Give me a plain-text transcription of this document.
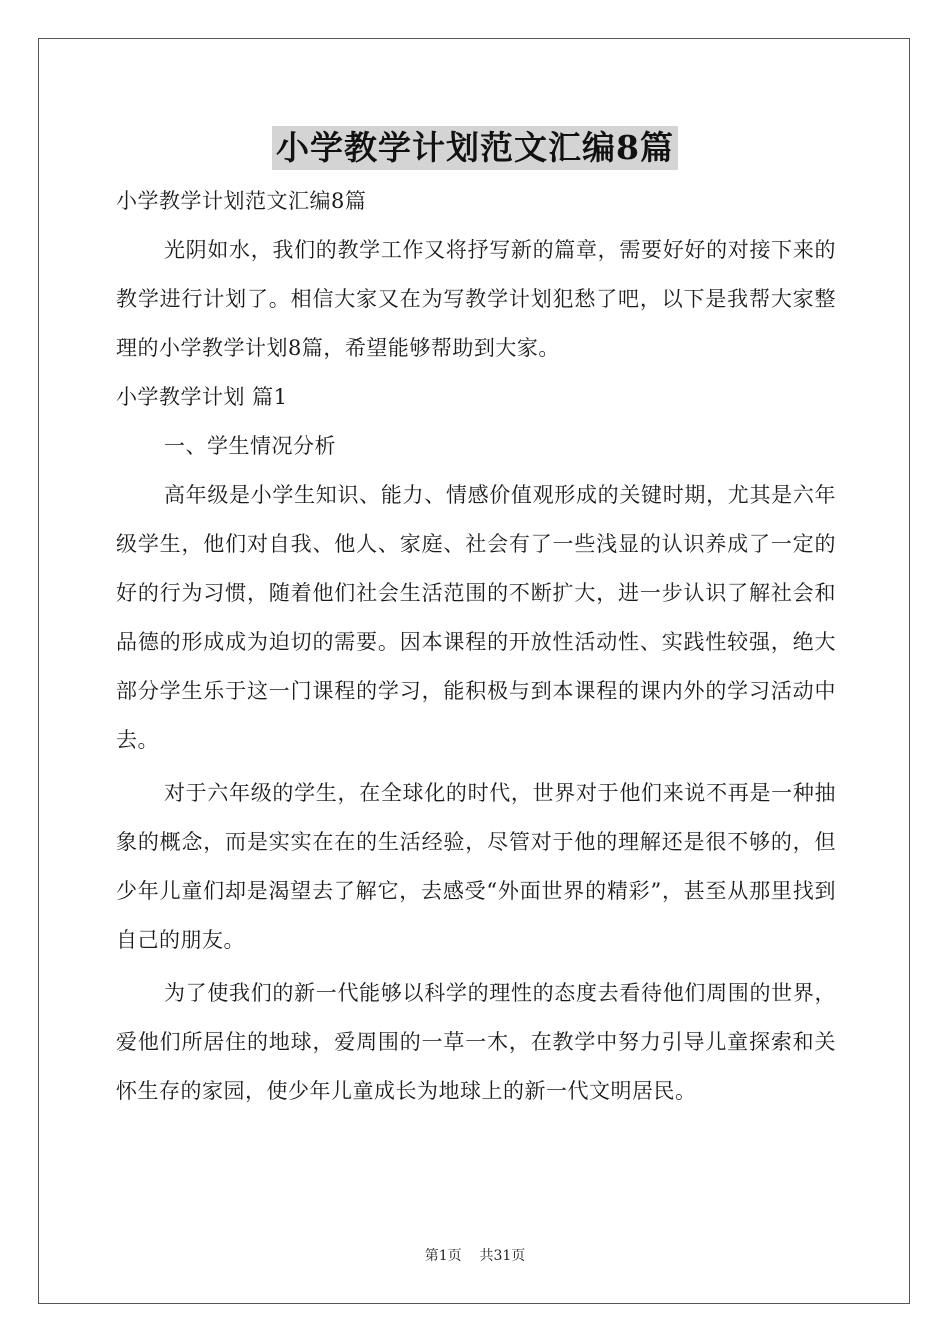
小学教学计划范文汇编8篇

小学教学计划范文汇编8篇

光阴如水，我们的教学工作又将抒写新的篇章，需要好好的对接下来的教学进行计划了。相信大家又在为写教学计划犯愁了吧，以下是我帮大家整理的小学教学计划8篇，希望能够帮助到大家。

小学教学计划 篇1

一、学生情况分析

高年级是小学生知识、能力、情感价值观形成的关键时期，尤其是六年级学生，他们对自我、他人、家庭、社会有了一些浅显的认识养成了一定的好的行为习惯，随着他们社会生活范围的不断扩大，进一步认识了解社会和品德的形成成为迫切的需要。因本课程的开放性活动性、实践性较强，绝大部分学生乐于这一门课程的学习，能积极与到本课程的课内外的学习活动中去。

对于六年级的学生，在全球化的时代，世界对于他们来说不再是一种抽象的概念，而是实实在在的生活经验，尽管对于他的理解还是很不够的，但少年儿童们却是渴望去了解它，去感受“外面世界的精彩”，甚至从那里找到自己的朋友。

为了使我们的新一代能够以科学的理性的态度去看待他们周围的世界，爱他们所居住的地球，爱周围的一草一木，在教学中努力引导儿童探索和关怀生存的家园，使少年儿童成长为地球上的新一代文明居民。

第1页 共31页
